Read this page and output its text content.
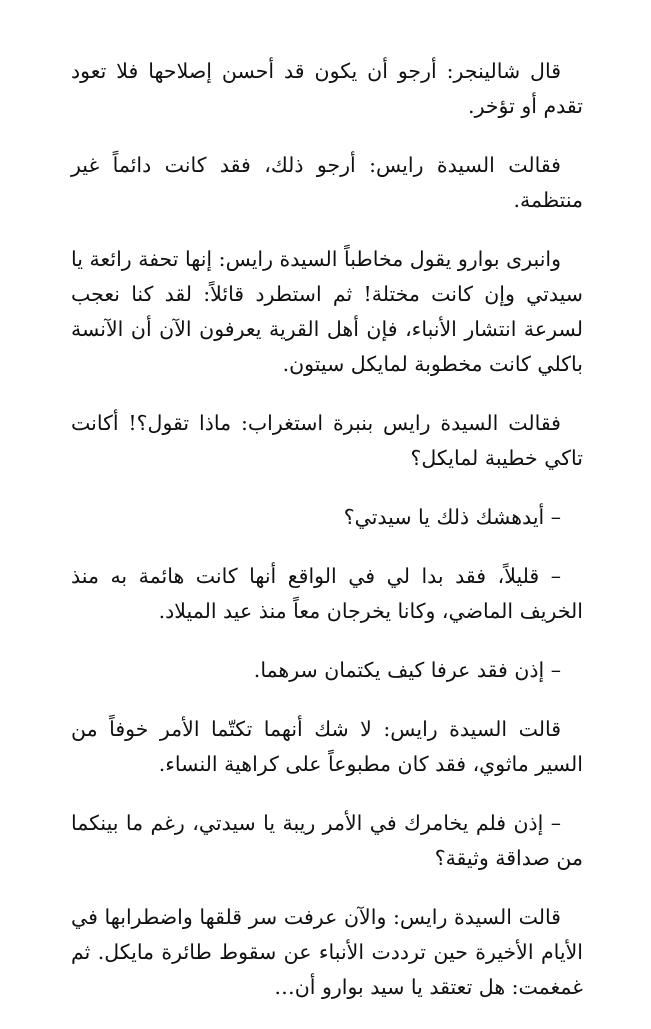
قال شالينجر: أرجو أن يكون قد أحسن إصلاحها فلا تعود تقدم أو تؤخر.

فقالت السيدة رايس: أرجو ذلك، فقد كانت دائماً غير منتظمة.

وانبرى بوارو يقول مخاطباً السيدة رايس: إنها تحفة رائعة يا سيدتي وإن كانت مختلة! ثم استطرد قائلاً: لقد كنا نعجب لسرعة انتشار الأنباء، فإن أهل القرية يعرفون الآن أن الآنسة باكلي كانت مخطوبة لمايكل سيتون.

فقالت السيدة رايس بنبرة استغراب: ماذا تقول؟! أكانت تاكي خطيبة لمايكل؟

– أيدهشك ذلك يا سيدتي؟

– قليلاً، فقد بدا لي في الواقع أنها كانت هائمة به منذ الخريف الماضي، وكانا يخرجان معاً منذ عيد الميلاد.

– إذن فقد عرفا كيف يكتمان سرهما.

قالت السيدة رايس: لا شك أنهما تكتّما الأمر خوفاً من السير ماثوي، فقد كان مطبوعاً على كراهية النساء.

– إذن فلم يخامرك في الأمر ريبة يا سيدتي، رغم ما بينكما من صداقة وثيقة؟

قالت السيدة رايس: والآن عرفت سر قلقها واضطرابها في الأيام الأخيرة حين ترددت الأنباء عن سقوط طائرة مايكل. ثم غمغمت: هل تعتقد يا سيد بوارو أن…
